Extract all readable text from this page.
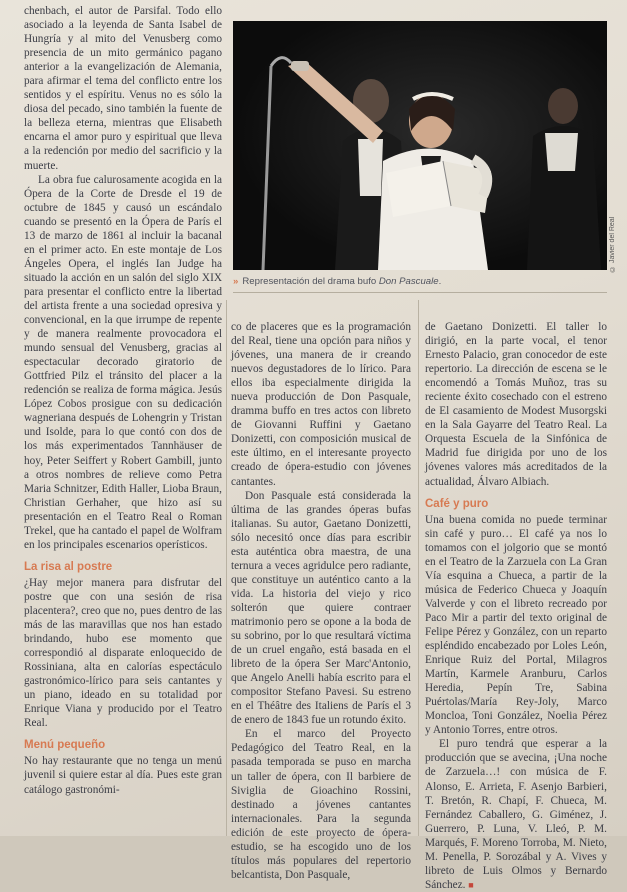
chenbach, el autor de Parsifal. Todo ello asociado a la leyenda de Santa Isabel de Hungría y al mito del Venusberg como presencia de un mito germánico pagano anterior a la evangelización de Alemania, para afirmar el tema del conflicto entre los sentidos y el espíritu. Venus no es sólo la diosa del pecado, sino también la fuente de la belleza eterna, mientras que Elisabeth encarna el amor puro y espiritual que lleva a la redención por medio del sacrificio y la muerte.

La obra fue calurosamente acogida en la Ópera de la Corte de Dresde el 19 de octubre de 1845 y causó un escándalo cuando se presentó en la Ópera de París el 13 de marzo de 1861 al incluir la bacanal en el primer acto. En este montaje de Los Ángeles Opera, el inglés Ian Judge ha situado la acción en un salón del siglo XIX para presentar el conflicto entre la libertad del artista frente a una sociedad opresiva y convencional, en la que irrumpe de repente y de manera realmente provocadora el mundo sensual del Venusberg, gracias al espectacular decorado giratorio de Gottfried Pilz el tránsito del placer a la redención se realiza de forma mágica. Jesús López Cobos prosigue con su dedicación wagneriana después de Lohengrin y Tristan und Isolde, para lo que contó con dos de los más experimentados Tannhäuser de hoy, Peter Seiffert y Robert Gambill, junto a otros nombres de relieve como Petra Maria Schnitzer, Edith Haller, Lioba Braun, Christian Gerhaher, que hizo así su presentación en el Teatro Real o Roman Trekel, que ha cantado el papel de Wolfram en los principales escenarios operísticos.

La risa al postre

¿Hay mejor manera para disfrutar del postre que con una sesión de risa placentera?, creo que no, pues dentro de las más de las maravillas que nos han estado brindando, hubo ese momento que correspondió al disparate enloquecido de Rossiniana, alta en calorías espectáculo gastronómico-lírico para seis cantantes y un piano, ideado en su totalidad por Enrique Viana y producido por el Teatro Real.

Menú pequeño

No hay restaurante que no tenga un menú juvenil si quiere estar al día. Pues este gran catálogo gastronómi-

© Javier del Real
» Representación del drama bufo Don Pascuale.

co de placeres que es la programación del Real, tiene una opción para niños y jóvenes, una manera de ir creando nuevos degustadores de lo lírico. Para ellos iba especialmente dirigida la nueva producción de Don Pasquale, dramma buffo en tres actos con libreto de Giovanni Ruffini y Gaetano Donizetti, con composición musical de este último, en el interesante proyecto creado de ópera-estudio con jóvenes cantantes.

Don Pasquale está considerada la última de las grandes óperas bufas italianas. Su autor, Gaetano Donizetti, sólo necesitó once días para escribir esta auténtica obra maestra, de una ternura a veces agridulce pero radiante, que constituye un auténtico canto a la vida. La historia del viejo y rico solterón que quiere contraer matrimonio pero se opone a la boda de su sobrino, por lo que resultará víctima de un cruel engaño, está basada en el libreto de la ópera Ser Marc'Antonio, que Angelo Anelli había escrito para el compositor Stefano Pavesi. Su estreno en el Théâtre des Italiens de París el 3 de enero de 1843 fue un rotundo éxito.

En el marco del Proyecto Pedagógico del Teatro Real, en la pasada temporada se puso en marcha un taller de ópera, con Il barbiere de Siviglia de Gioachino Rossini, destinado a jóvenes cantantes internacionales. Para la segunda edición de este proyecto de ópera-estudio, se ha escogido uno de los títulos más populares del repertorio belcantista, Don Pasquale,

de Gaetano Donizetti. El taller lo dirigió, en la parte vocal, el tenor Ernesto Palacio, gran conocedor de este repertorio. La dirección de escena se le encomendó a Tomás Muñoz, tras su reciente éxito cosechado con el estreno de El casamiento de Modest Musorgski en la Sala Gayarre del Teatro Real. La Orquesta Escuela de la Sinfónica de Madrid fue dirigida por uno de los jóvenes valores más acreditados de la actualidad, Álvaro Albiach.

Café y puro

Una buena comida no puede terminar sin café y puro… El café ya nos lo tomamos con el jolgorio que se montó en el Teatro de la Zarzuela con La Gran Vía esquina a Chueca, a partir de la música de Federico Chueca y Joaquín Valverde y con el libreto recreado por Paco Mir a partir del texto original de Felipe Pérez y González, con un reparto espléndido encabezado por Loles León, Enrique Ruiz del Portal, Milagros Martín, Karmele Aranburu, Carlos Heredia, Pepín Tre, Sabina Puértolas/María Rey-Joly, Marco Moncloa, Toni González, Noelia Pérez y Antonio Torres, entre otros.

El puro tendrá que esperar a la producción que se avecina, ¡Una noche de Zarzuela…! con música de F. Alonso, E. Arrieta, F. Asenjo Barbieri, T. Bretón, R. Chapí, F. Chueca, M. Fernández Caballero, G. Giménez, J. Guerrero, P. Luna, V. Lleó, P. M. Marqués, F. Moreno Torroba, M. Nieto, M. Penella, P. Sorozábal y A. Vives y libreto de Luis Olmos y Bernardo Sánchez. ■
